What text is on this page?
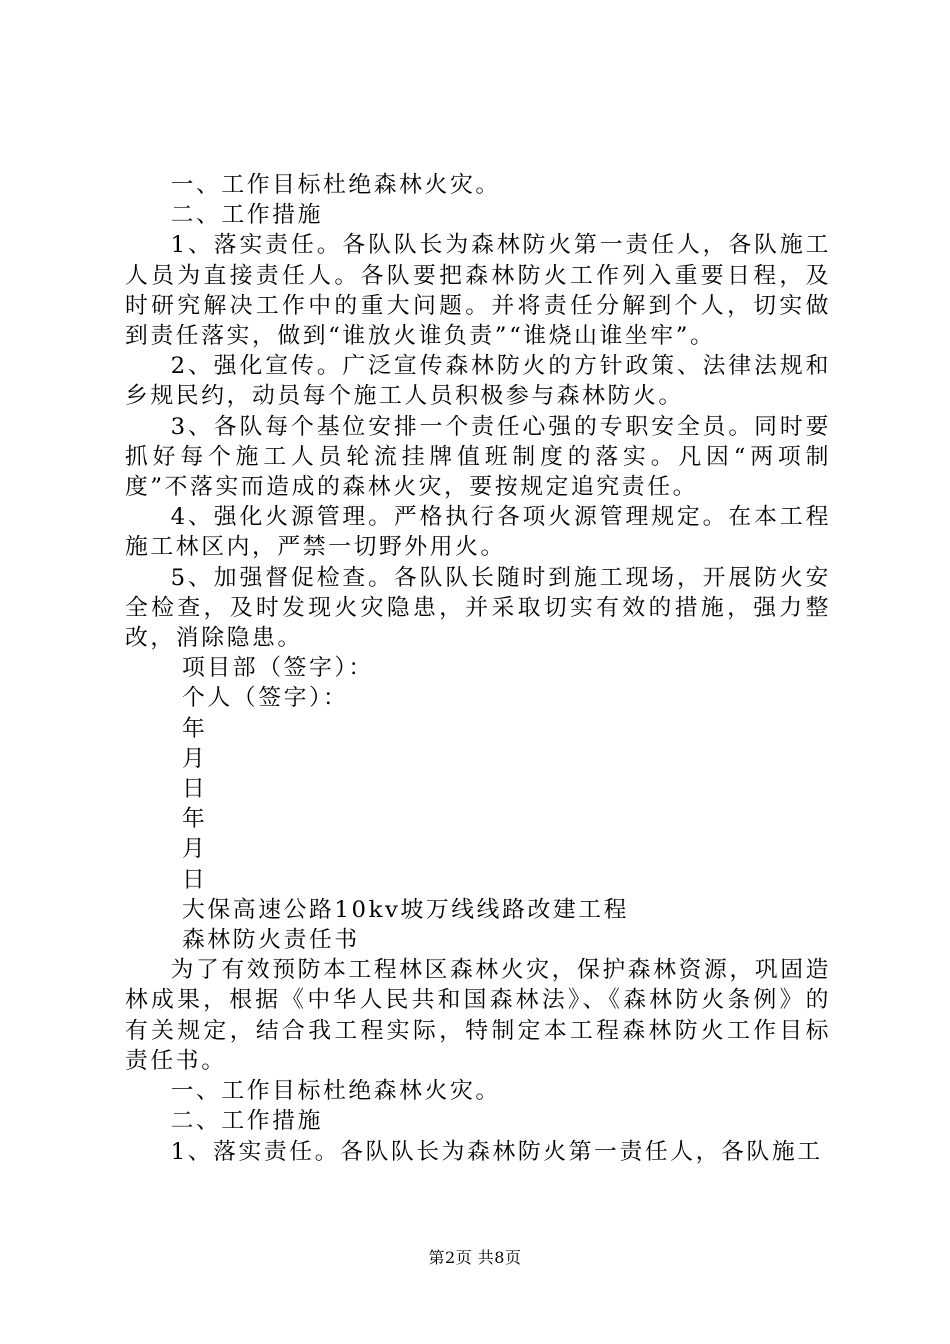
一、工作目标杜绝森林火灾。

二、工作措施

1、落实责任。各队队长为森林防火第一责任人，各队施工人员为直接责任人。各队要把森林防火工作列入重要日程，及时研究解决工作中的重大问题。并将责任分解到个人，切实做到责任落实，做到“谁放火谁负责”“谁烧山谁坐牢”。

2、强化宣传。广泛宣传森林防火的方针政策、法律法规和乡规民约，动员每个施工人员积极参与森林防火。

3、各队每个基位安排一个责任心强的专职安全员。同时要抓好每个施工人员轮流挂牌值班制度的落实。凡因“两项制度”不落实而造成的森林火灾，要按规定追究责任。

4、强化火源管理。严格执行各项火源管理规定。在本工程施工林区内，严禁一切野外用火。

5、加强督促检查。各队队长随时到施工现场，开展防火安全检查，及时发现火灾隐患，并采取切实有效的措施，强力整改，消除隐患。

项目部（签字）：

个人（签字）：

年

月

日

年

月

日

大保高速公路10kv坡万线线路改建工程

森林防火责任书

为了有效预防本工程林区森林火灾，保护森林资源，巩固造林成果，根据《中华人民共和国森林法》、《森林防火条例》的有关规定，结合我工程实际，特制定本工程森林防火工作目标责任书。

一、工作目标杜绝森林火灾。

二、工作措施

1、落实责任。各队队长为森林防火第一责任人，各队施工

第2页 共8页
